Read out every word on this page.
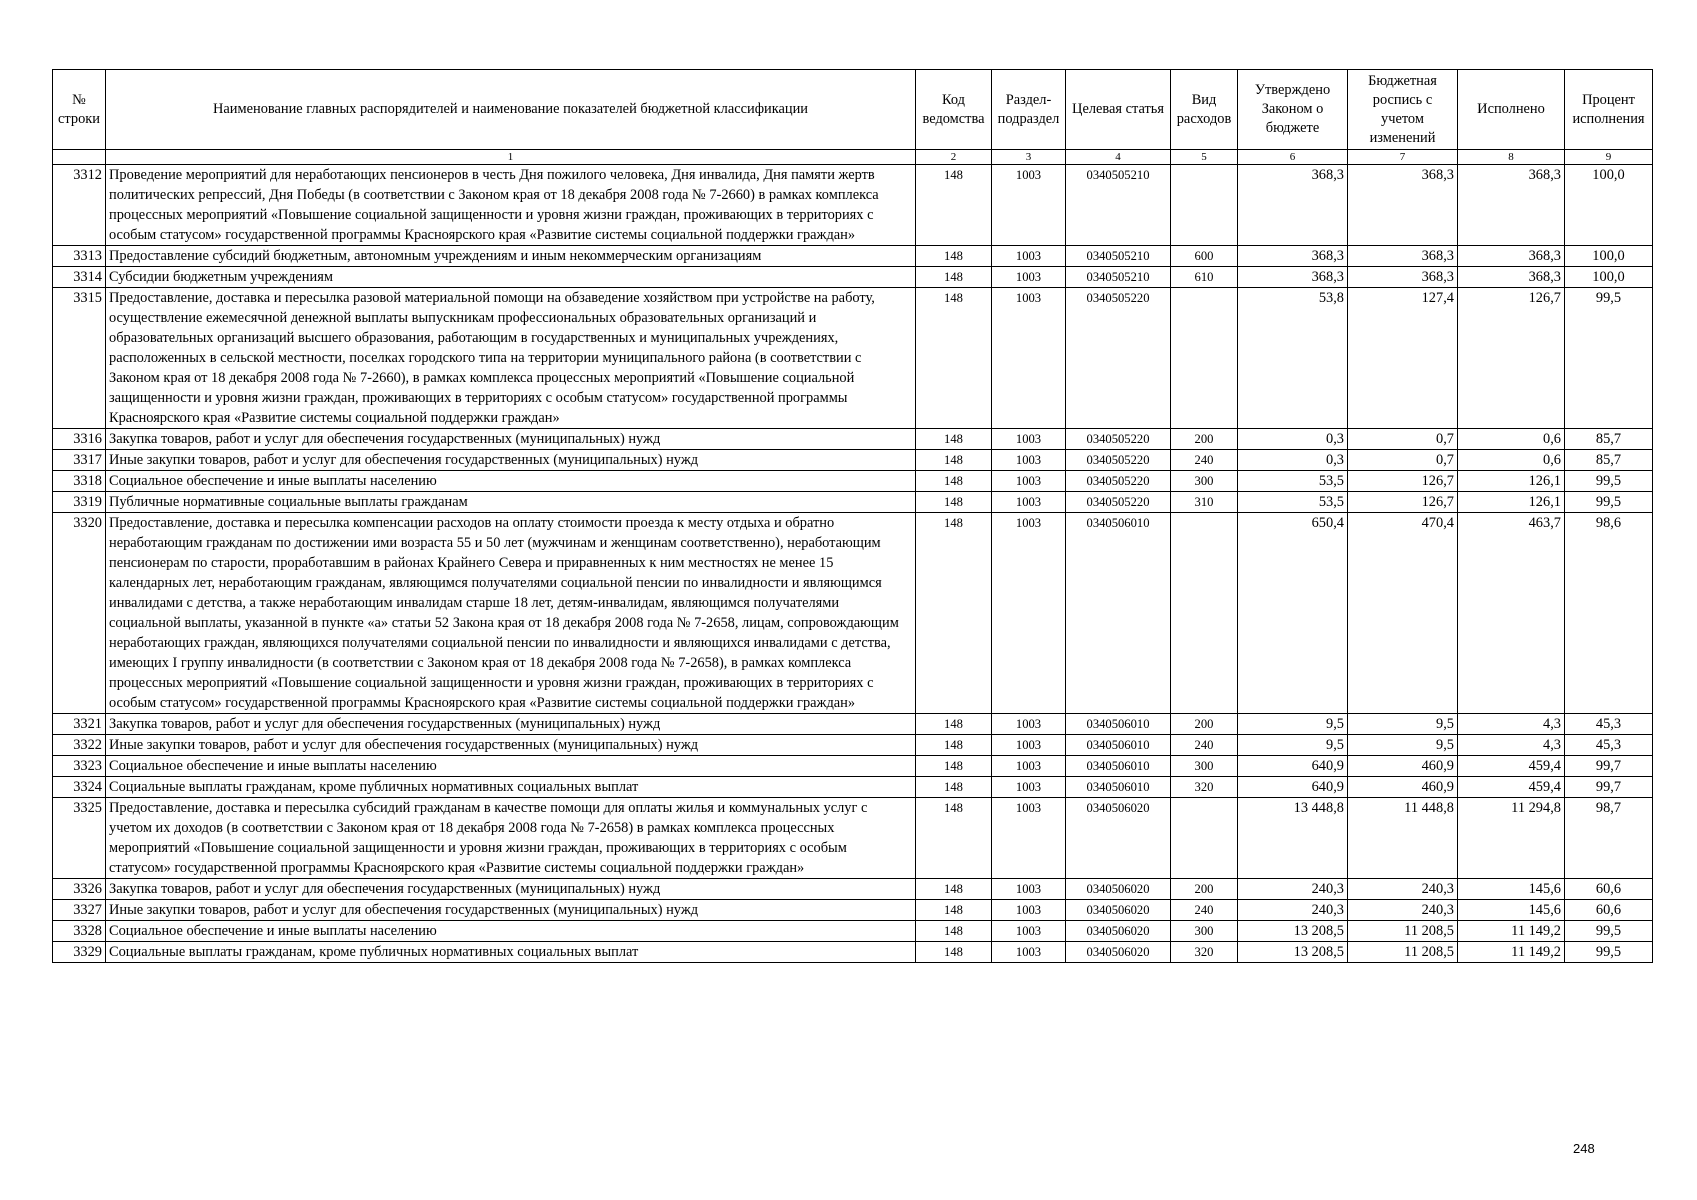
№ строки	Наименование главных распорядителей и наименование показателей бюджетной классификации	Код ведомства	Раздел-подраздел	Целевая статья	Вид расходов	Утверждено Законом о бюджете	Бюджетная роспись с учетом изменений	Исполнено	Процент исполнения
	1	2	3	4	5	6	7	8	9
3312	Проведение мероприятий для неработающих пенсионеров в честь Дня пожилого человека, Дня инвалида, Дня памяти жертв политических репрессий, Дня Победы (в соответствии с Законом края от 18 декабря 2008 года № 7-2660) в рамках комплекса процессных мероприятий «Повышение социальной защищенности и уровня жизни граждан, проживающих в территориях с особым статусом» государственной программы Красноярского края «Развитие системы социальной поддержки граждан»	148	1003	0340505210		368,3	368,3	368,3	100,0
3313	Предоставление субсидий бюджетным, автономным учреждениям и иным некоммерческим организациям	148	1003	0340505210	600	368,3	368,3	368,3	100,0
3314	Субсидии бюджетным учреждениям	148	1003	0340505210	610	368,3	368,3	368,3	100,0
3315	Предоставление, доставка и пересылка разовой материальной помощи на обзаведение хозяйством при устройстве на работу, осуществление ежемесячной денежной выплаты выпускникам профессиональных образовательных организаций и образовательных организаций высшего образования, работающим в государственных и муниципальных учреждениях, расположенных в сельской местности, поселках городского типа на территории муниципального района (в соответствии с Законом края от 18 декабря 2008 года № 7-2660), в рамках комплекса процессных мероприятий «Повышение социальной защищенности и уровня жизни граждан, проживающих в территориях с особым статусом» государственной программы Красноярского края «Развитие системы социальной поддержки граждан»	148	1003	0340505220		53,8	127,4	126,7	99,5
3316	Закупка товаров, работ и услуг для обеспечения государственных (муниципальных) нужд	148	1003	0340505220	200	0,3	0,7	0,6	85,7
3317	Иные закупки товаров, работ и услуг для обеспечения государственных (муниципальных) нужд	148	1003	0340505220	240	0,3	0,7	0,6	85,7
3318	Социальное обеспечение и иные выплаты населению	148	1003	0340505220	300	53,5	126,7	126,1	99,5
3319	Публичные нормативные социальные выплаты гражданам	148	1003	0340505220	310	53,5	126,7	126,1	99,5
3320	Предоставление, доставка и пересылка компенсации расходов на оплату стоимости проезда к месту отдыха и обратно неработающим гражданам по достижении ими возраста 55 и 50 лет (мужчинам и женщинам соответственно), неработающим пенсионерам по старости, проработавшим в районах Крайнего Севера и приравненных к ним местностях не менее 15 календарных лет, неработающим гражданам, являющимся получателями социальной пенсии по инвалидности и являющимся инвалидами с детства, а также неработающим инвалидам старше 18 лет, детям-инвалидам, являющимся получателями социальной выплаты, указанной в пункте «а» статьи 52 Закона края от 18 декабря 2008 года № 7-2658, лицам, сопровождающим неработающих граждан, являющихся получателями социальной пенсии по инвалидности и являющихся инвалидами с детства, имеющих I группу инвалидности (в соответствии с Законом края от 18 декабря 2008 года № 7-2658), в рамках комплекса процессных мероприятий «Повышение социальной защищенности и уровня жизни граждан, проживающих в территориях с особым статусом» государственной программы Красноярского края «Развитие системы социальной поддержки граждан»	148	1003	0340506010		650,4	470,4	463,7	98,6
3321	Закупка товаров, работ и услуг для обеспечения государственных (муниципальных) нужд	148	1003	0340506010	200	9,5	9,5	4,3	45,3
3322	Иные закупки товаров, работ и услуг для обеспечения государственных (муниципальных) нужд	148	1003	0340506010	240	9,5	9,5	4,3	45,3
3323	Социальное обеспечение и иные выплаты населению	148	1003	0340506010	300	640,9	460,9	459,4	99,7
3324	Социальные выплаты гражданам, кроме публичных нормативных социальных выплат	148	1003	0340506010	320	640,9	460,9	459,4	99,7
3325	Предоставление, доставка и пересылка субсидий гражданам в качестве помощи для оплаты жилья и коммунальных услуг с учетом их доходов (в соответствии с Законом края от 18 декабря 2008 года № 7-2658) в рамках комплекса процессных мероприятий «Повышение социальной защищенности и уровня жизни граждан, проживающих в территориях с особым статусом» государственной программы Красноярского края «Развитие системы социальной поддержки граждан»	148	1003	0340506020		13 448,8	11 448,8	11 294,8	98,7
3326	Закупка товаров, работ и услуг для обеспечения государственных (муниципальных) нужд	148	1003	0340506020	200	240,3	240,3	145,6	60,6
3327	Иные закупки товаров, работ и услуг для обеспечения государственных (муниципальных) нужд	148	1003	0340506020	240	240,3	240,3	145,6	60,6
3328	Социальное обеспечение и иные выплаты населению	148	1003	0340506020	300	13 208,5	11 208,5	11 149,2	99,5
3329	Социальные выплаты гражданам, кроме публичных нормативных социальных выплат	148	1003	0340506020	320	13 208,5	11 208,5	11 149,2	99,5
248
